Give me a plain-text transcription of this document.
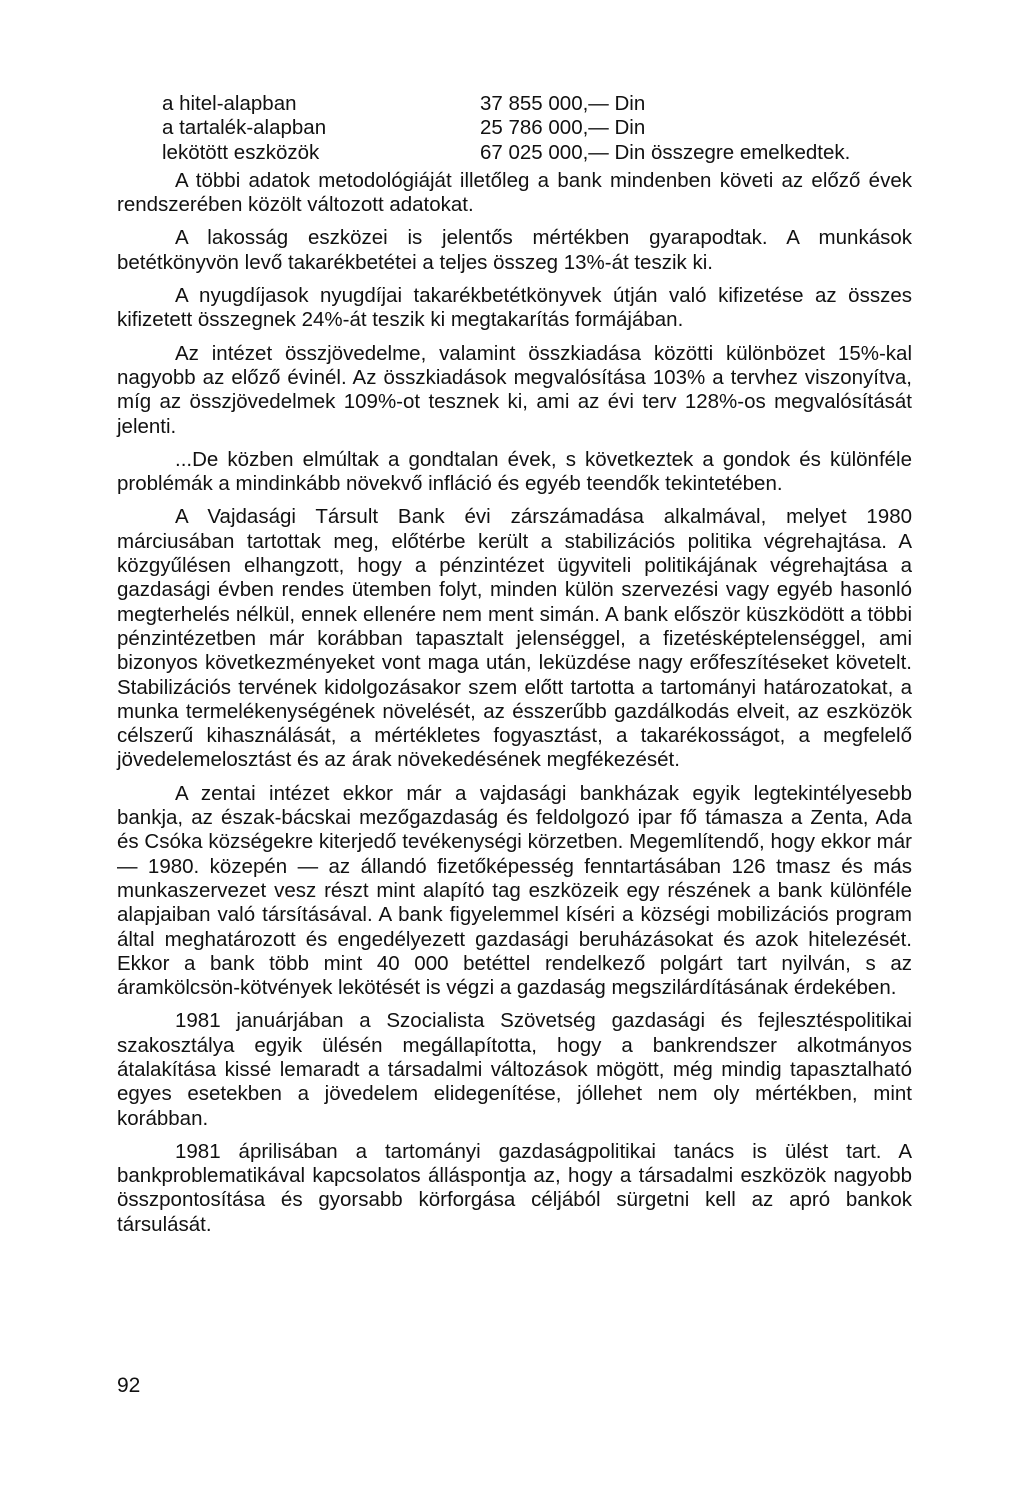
a hitel-alapban	37 855 000,— Din
a tartalék-alapban	25 786 000,— Din
lekötött eszközök	67 025 000,— Din összegre emelkedtek.

A többi adatok metodológiáját illetőleg a bank mindenben követi az előző évek rendszerében közölt változott adatokat.

A lakosság eszközei is jelentős mértékben gyarapodtak. A munkások betétkönyvön levő takarékbetétei a teljes összeg 13%-át teszik ki.

A nyugdíjasok nyugdíjai takarékbetétkönyvek útján való kifizetése az összes kifizetett összegnek 24%-át teszik ki megtakarítás formájában.

Az intézet összjövedelme, valamint összkiadása közötti különbözet 15%-kal nagyobb az előző évinél. Az összkiadások megvalósítása 103% a tervhez viszonyítva, míg az összjövedelmek 109%-ot tesznek ki, ami az évi terv 128%-os megvalósítását jelenti.

...De közben elmúltak a gondtalan évek, s következtek a gondok és különféle problémák a mindinkább növekvő infláció és egyéb teendők tekintetében.

A Vajdasági Társult Bank évi zárszámadása alkalmával, melyet 1980 márciusában tartottak meg, előtérbe került a stabilizációs politika végrehajtása. A közgyűlésen elhangzott, hogy a pénzintézet ügyviteli politikájának végrehajtása a gazdasági évben rendes ütemben folyt, minden külön szervezési vagy egyéb hasonló megterhelés nélkül, ennek ellenére nem ment simán. A bank először küszködött a többi pénzintézetben már korábban tapasztalt jelenséggel, a fizetésképtelenséggel, ami bizonyos következményeket vont maga után, leküzdése nagy erőfeszítéseket követelt. Stabilizációs tervének kidolgozásakor szem előtt tartotta a tartományi határozatokat, a munka termelékenységének növelését, az ésszerűbb gazdálkodás elveit, az eszközök célszerű kihasználását, a mértékletes fogyasztást, a takarékosságot, a megfelelő jövedelemelosztást és az árak növekedésének megfékezését.

A zentai intézet ekkor már a vajdasági bankházak egyik legtekintélyesebb bankja, az észak-bácskai mezőgazdaság és feldolgozó ipar fő támasza a Zenta, Ada és Csóka községekre kiterjedő tevékenységi körzetben. Megemlítendő, hogy ekkor már — 1980. közepén — az állandó fizetőképesség fenntartásában 126 tmasz és más munkaszervezet vesz részt mint alapító tag eszközeik egy részének a bank különféle alapjaiban való társításával. A bank figyelemmel kíséri a községi mobilizációs program által meghatározott és engedélyezett gazdasági beruházásokat és azok hitelezését. Ekkor a bank több mint 40 000 betéttel rendelkező polgárt tart nyilván, s az áramkölcsön-kötvények lekötését is végzi a gazdaság megszilárdításának érdekében.

1981 januárjában a Szocialista Szövetség gazdasági és fejlesztéspolitikai szakosztálya egyik ülésén megállapította, hogy a bankrendszer alkotmányos átalakítása kissé lemaradt a társadalmi változások mögött, még mindig tapasztalható egyes esetekben a jövedelem elidegenítése, jóllehet nem oly mértékben, mint korábban.

1981 áprilisában a tartományi gazdaságpolitikai tanács is ülést tart. A bankproblematikával kapcsolatos álláspontja az, hogy a társadalmi eszközök nagyobb összpontosítása és gyorsabb körforgása céljából sürgetni kell az apró bankok társulását.

92
